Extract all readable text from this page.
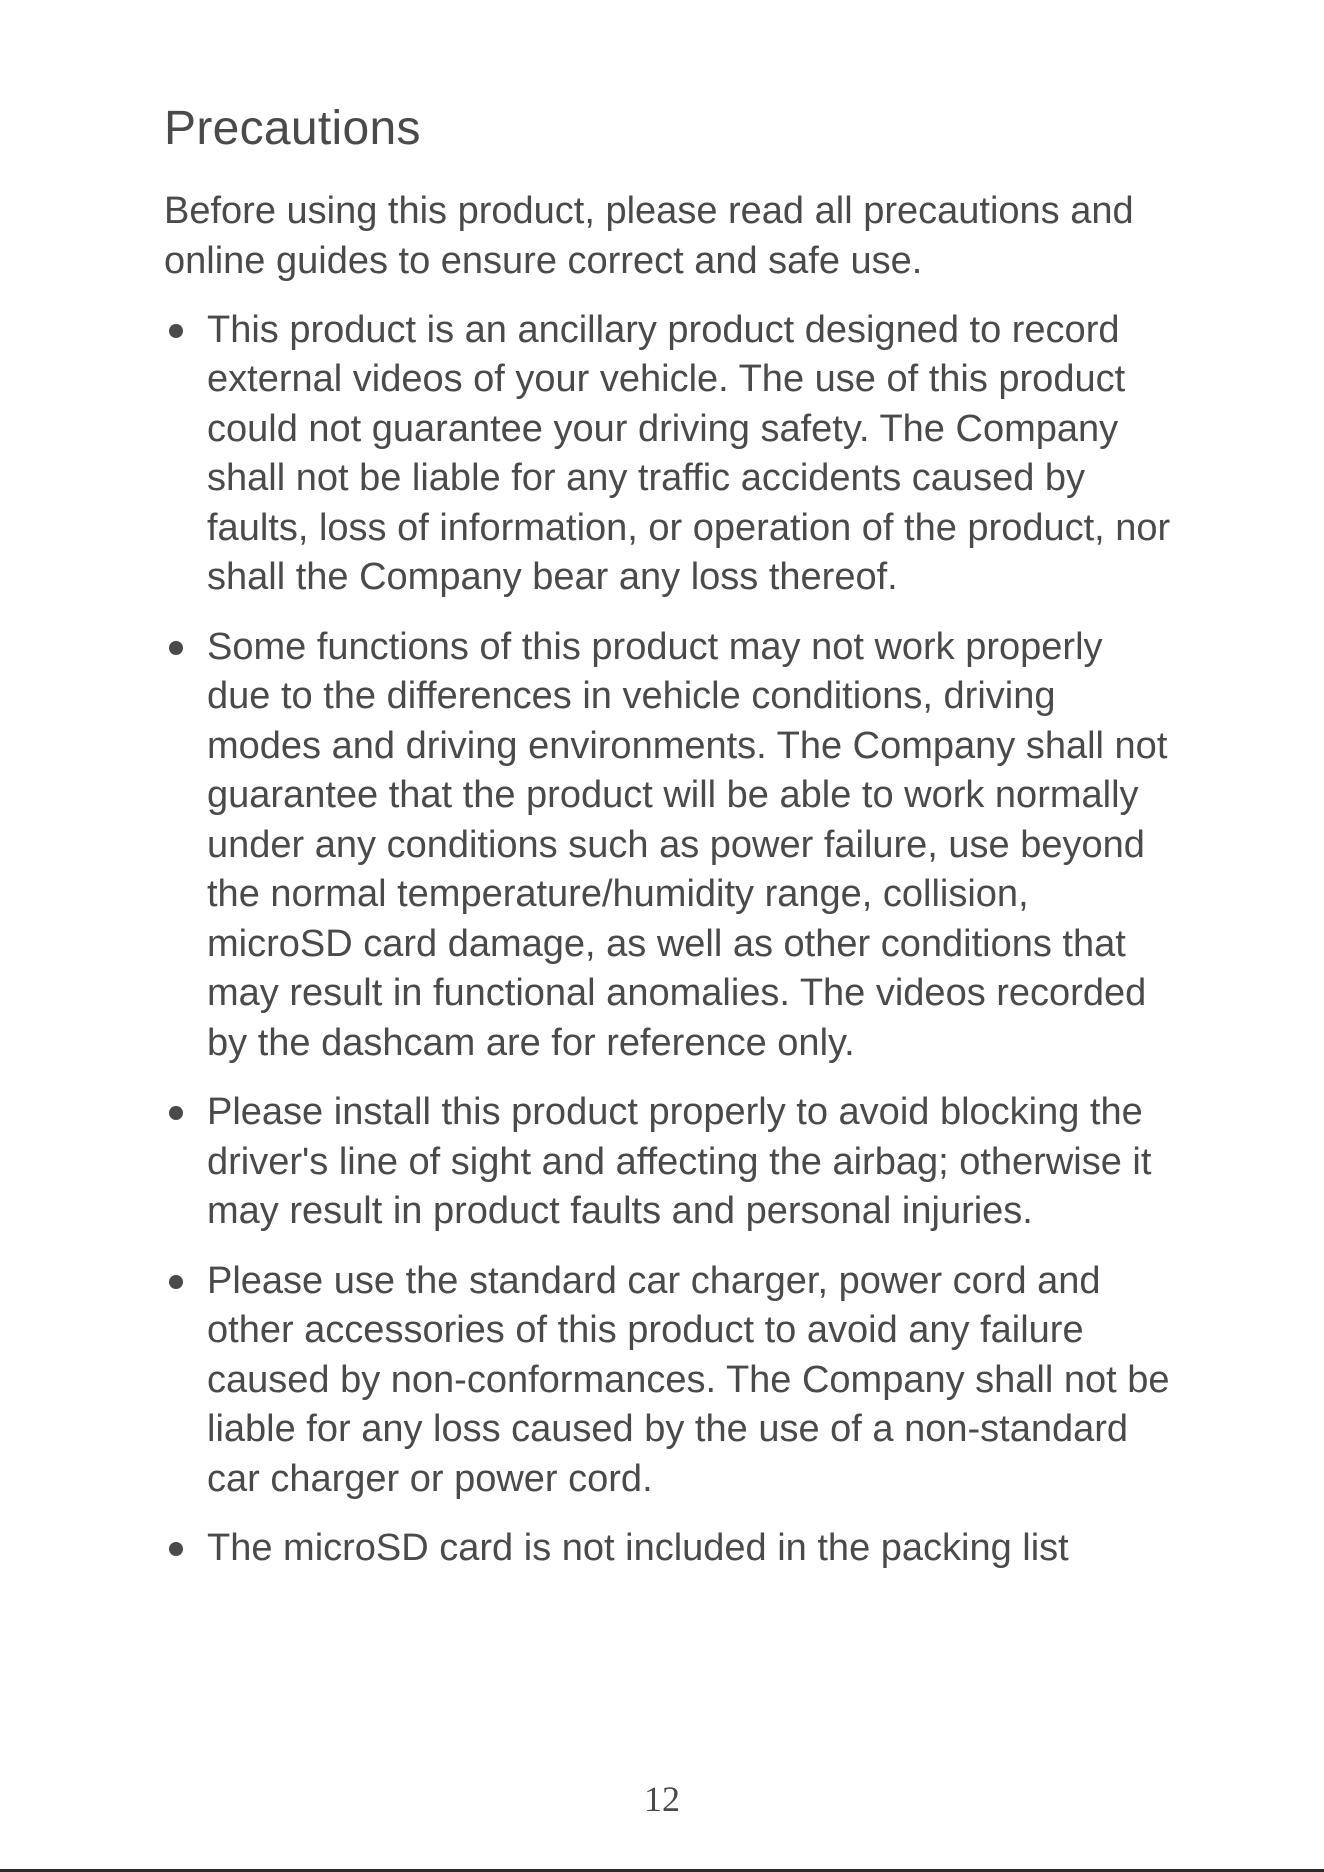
Precautions

Before using this product, please read all precautions and online guides to ensure correct and safe use.

This product is an ancillary product designed to record external videos of your vehicle. The use of this product could not guarantee your driving safety. The Company shall not be liable for any traffic accidents caused by faults, loss of information, or operation of the product, nor shall the Company bear any loss thereof.
Some functions of this product may not work properly due to the differences in vehicle conditions, driving modes and driving environments. The Company shall not guarantee that the product will be able to work normally under any conditions such as power failure, use beyond the normal temperature/humidity range, collision, microSD card damage, as well as other conditions that may result in functional anomalies. The videos recorded by the dashcam are for reference only.
Please install this product properly to avoid blocking the driver's line of sight and affecting the airbag; otherwise it may result in product faults and personal injuries.
Please use the standard car charger, power cord and other accessories of this product to avoid any failure caused by non-conformances. The Company shall not be liable for any loss caused by the use of a non-standard car charger or power cord.
The microSD card is not included in the packing list
12
